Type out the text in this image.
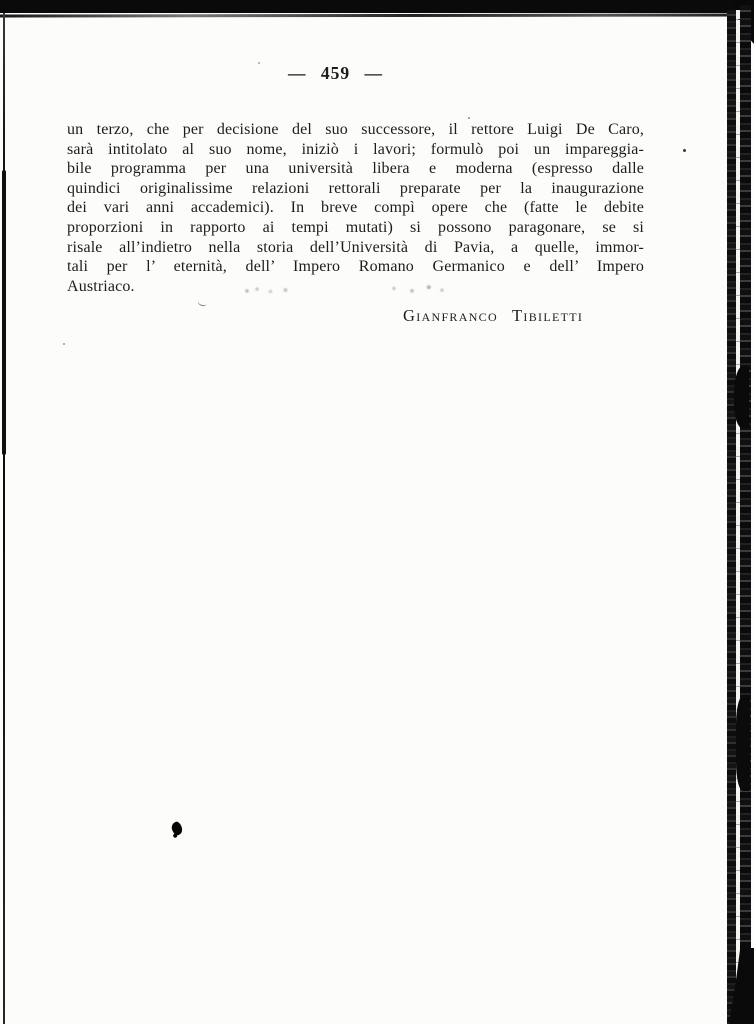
— 459 —
un terzo, che per decisione del suo successore, il rettore Luigi De Caro,
sarà intitolato al suo nome, iniziò i lavori; formulò poi un impareggia-
bile programma per una università libera e moderna (espresso dalle
quindici originalissime relazioni rettorali preparate per la inaugurazione
dei vari anni accademici). In breve compì opere che (fatte le debite
proporzioni in rapporto ai tempi mutati) si possono paragonare, se si
risale all’indietro nella storia dell’Università di Pavia, a quelle, immor-
tali per l’ eternità, dell’ Impero Romano Germanico e dell’ Impero
Austriaco.
Gianfranco Tibiletti
